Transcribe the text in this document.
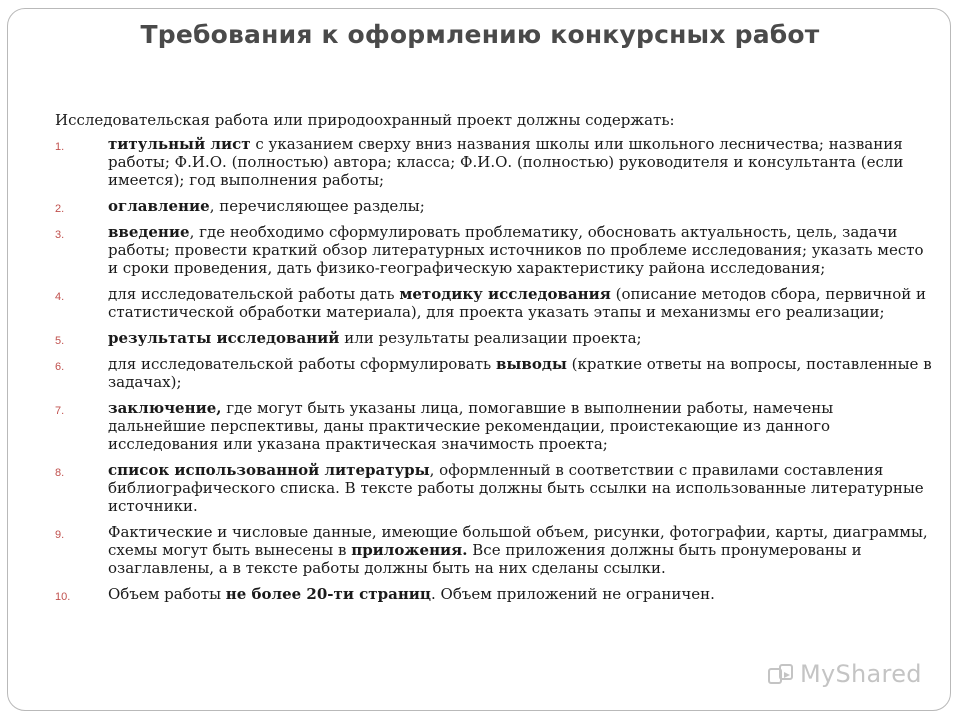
Требования к оформлению конкурсных работ

Исследовательская работа или природоохранный проект должны содержать:

1.	титульный лист с указанием сверху вниз названия школы или школьного лесничества; названия работы; Ф.И.О. (полностью) автора; класса; Ф.И.О. (полностью) руководителя и консультанта (если имеется); год выполнения работы;
2.	оглавление, перечисляющее разделы;
3.	введение, где необходимо сформулировать проблематику, обосновать актуальность, цель, задачи работы; провести краткий обзор литературных источников по проблеме исследования; указать место и сроки проведения, дать физико-географическую характеристику района исследования;
4.	для исследовательской работы дать методику исследования (описание методов сбора, первичной и статистической обработки материала), для проекта указать этапы и механизмы его реализации;
5.	результаты исследований или результаты реализации проекта;
6.	для исследовательской работы сформулировать выводы (краткие ответы на вопросы, поставленные в задачах);
7.	заключение, где могут быть указаны лица, помогавшие в выполнении работы, намечены дальнейшие перспективы, даны практические рекомендации, проистекающие из данного исследования или указана практическая значимость проекта;
8.	список использованной литературы, оформленный в соответствии с правилами составления библиографического списка. В тексте работы должны быть ссылки на использованные литературные источники.
9.	Фактические и числовые данные, имеющие большой объем, рисунки, фотографии, карты, диаграммы, схемы могут быть вынесены в приложения. Все приложения должны быть пронумерованы и озаглавлены, а в тексте работы должны быть на них сделаны ссылки.
10.	Объем работы не более 20-ти страниц. Объем приложений не ограничен.
MyShared
